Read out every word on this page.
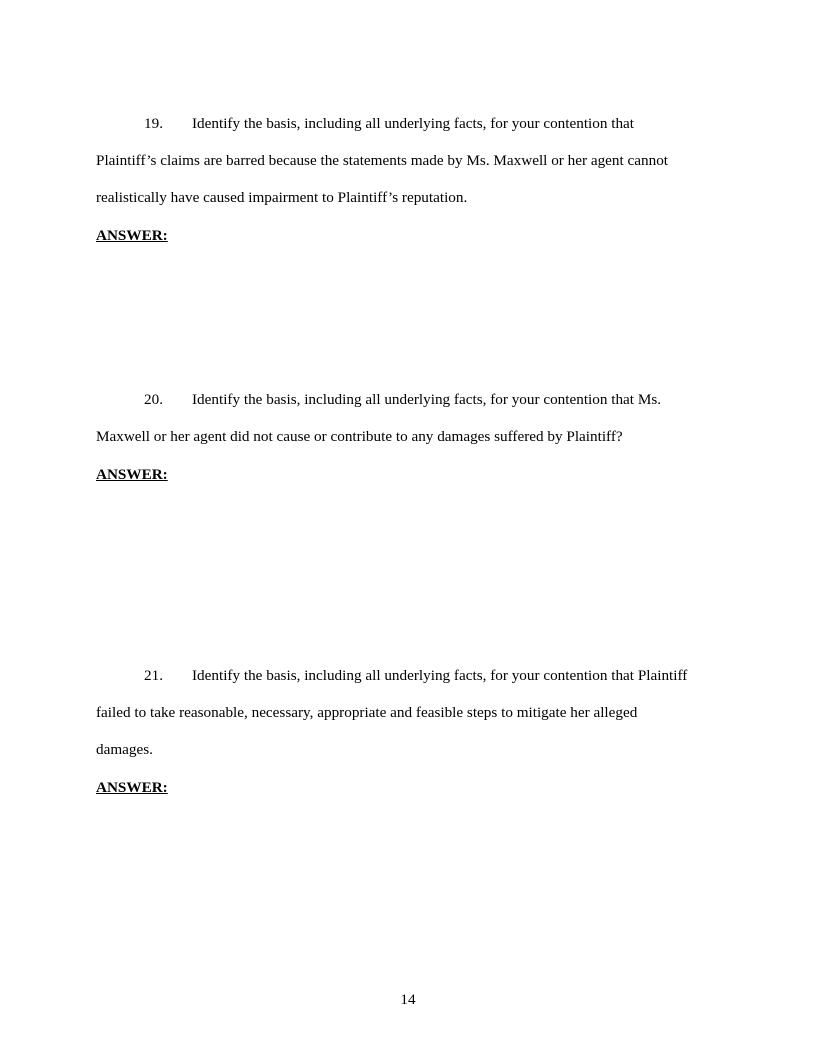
19. Identify the basis, including all underlying facts, for your contention that
Plaintiff’s claims are barred because the statements made by Ms. Maxwell or her agent cannot
realistically have caused impairment to Plaintiff’s reputation.
ANSWER:
20. Identify the basis, including all underlying facts, for your contention that Ms.
Maxwell or her agent did not cause or contribute to any damages suffered by Plaintiff?
ANSWER:
21. Identify the basis, including all underlying facts, for your contention that Plaintiff
failed to take reasonable, necessary, appropriate and feasible steps to mitigate her alleged
damages.
ANSWER:
14
